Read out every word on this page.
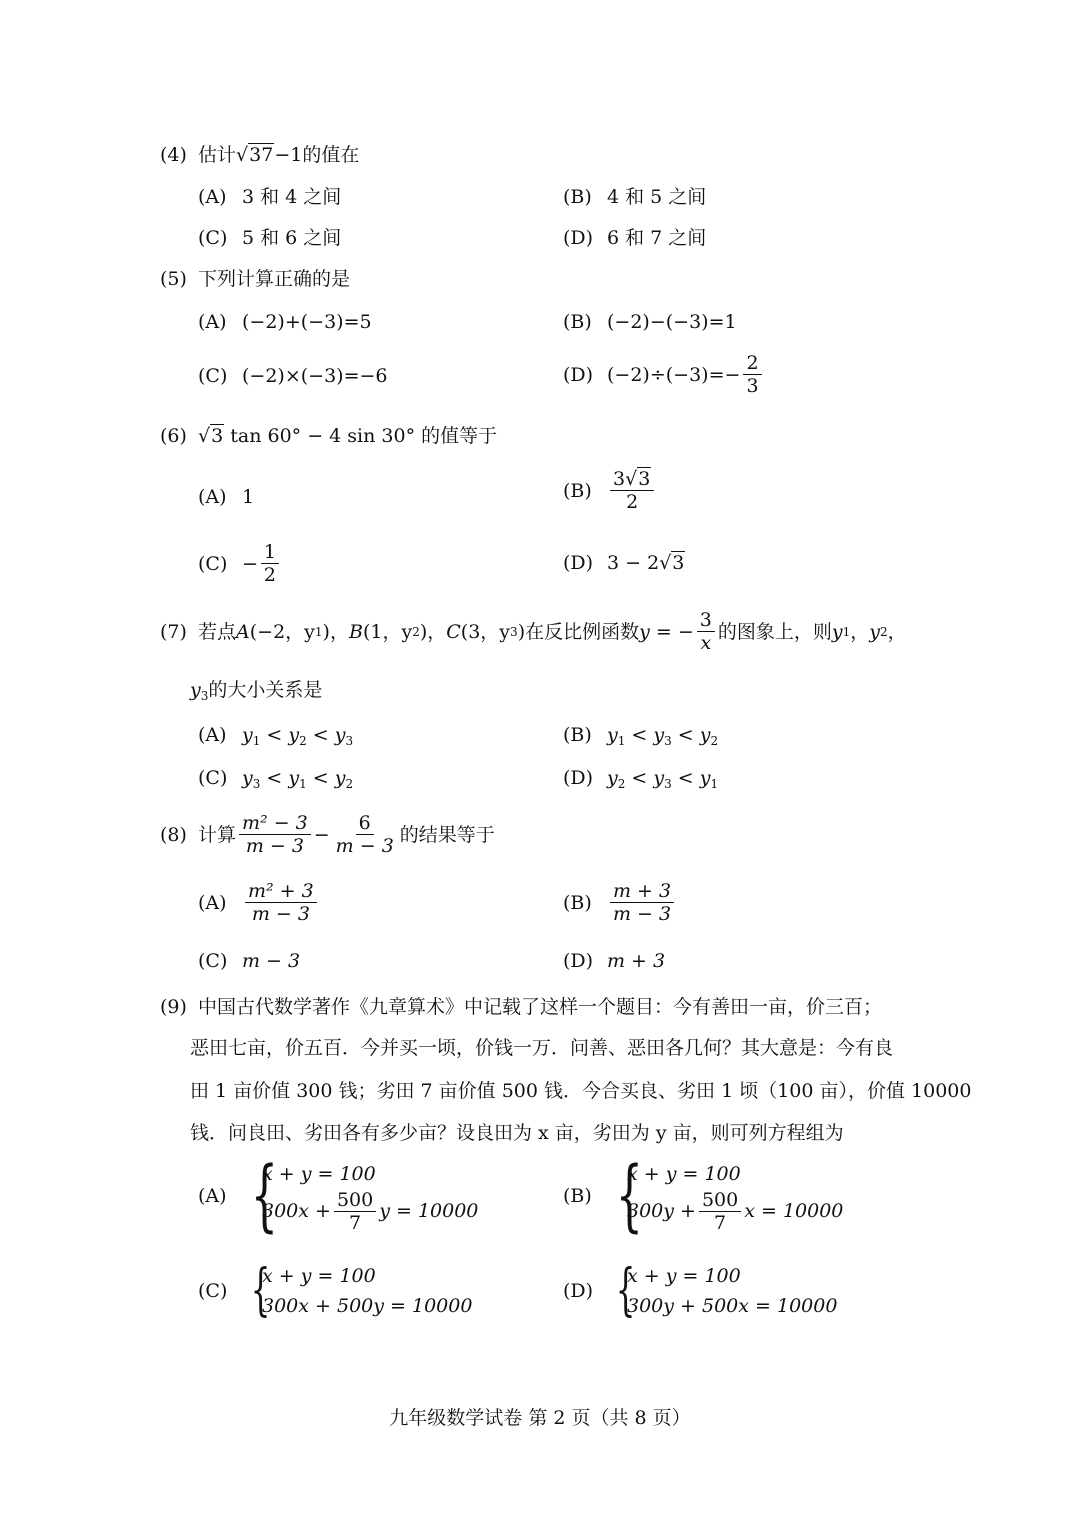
(4) 估计√37−1的值在
(A) 3 和 4 之间	(B) 4 和 5 之间
(C) 5 和 6 之间	(D) 6 和 7 之间
(5) 下列计算正确的是
(A) (−2)+(−3)=5	(B) (−2)−(−3)=1
(C) (−2)×(−3)=−6	(D) $(-2)\div(-3)=- \frac{2}{3}$
(6) √3 tan 60° − 4 sin 30° 的值等于
(A) 1	$(B) \frac{3√3}{2}$
$(C) - \frac{1}{2}$	(D) 3 − 2√3
(7) 若点 A (−2，y 1 )， B (1，y 2 )， C (3，y 3 ) 在反比例函数 y = − $\frac{3}{x}$ 的图象上，则 y 1 ， y 2 ，
$y_3$的大小关系是
(A) $y_1 < y_2 < y_3$	(B) $y_1 < y_3 < y_2$
(C) $y_3 < y_1 < y_2$	(D) $y_2 < y_3 < y_1$
(8) 计算 $\frac{\text{m² − 3}}{m - 3} - \frac{6}{m - 3}$ 的结果等于
$(A) \frac{\text{m² + 3}}{m - 3}$	$(B) \frac{m + 3}{m - 3}$
(C) m − 3	(D) m + 3
(9) 中国古代数学著作《九章算术》中记载了这样一个题目：今有善田一亩，价三百；
恶田七亩，价五百．今并买一顷，价钱一万．问善、恶田各几何？其大意是：今有良
田 1 亩价值 300 钱；劣田 7 亩价值 500 钱．今合买良、劣田 1 顷（100 亩），价值 10000
钱．问良田、劣田各有多少亩？设良田为 x 亩，劣田为 y 亩，则可列方程组为
(A) {
x + y = 100
$300x + \frac{500}{7}$ y = 10000
(B) {
x + y = 100
$300y + \frac{500}{7}$ x = 10000
(C) {
x + y = 100
300x + 500y = 10000
(D) {
x + y = 100
300y + 500x = 10000
九年级数学试卷 第 2 页（共 8 页）
